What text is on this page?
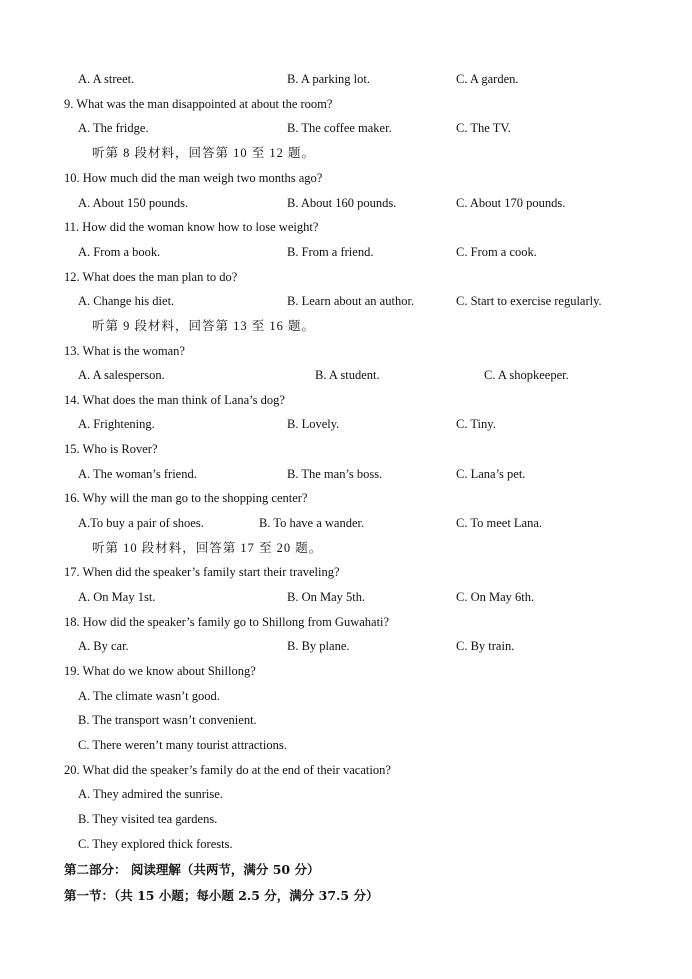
A. A street.	B. A parking lot.	C. A garden.
9. What was the man disappointed at about the room?
A. The fridge.	B. The coffee maker.	C. The TV.
听第 8 段材料，回答第 10 至 12 题。
10. How much did the man weigh two months ago?
A. About 150 pounds.	B. About 160 pounds.	C. About 170 pounds.
11. How did the woman know how to lose weight?
A. From a book.	B. From a friend.	C. From a cook.
12. What does the man plan to do?
A. Change his diet.	B. Learn about an author.	C. Start to exercise regularly.
听第 9 段材料，回答第 13 至 16 题。
13. What is the woman?
A. A salesperson.	B. A student.	C. A shopkeeper.
14. What does the man think of Lana’s dog?
A. Frightening.	B. Lovely.	C. Tiny.
15. Who is Rover?
A. The woman’s friend.	B. The man’s boss.	C. Lana’s pet.
16. Why will the man go to the shopping center?
A.To buy a pair of shoes.	B. To have a wander.	C. To meet Lana.
听第 10 段材料，回答第 17 至 20 题。
17. When did the speaker’s family start their traveling?
A. On May 1st.	B. On May 5th.	C. On May 6th.
18. How did the speaker’s family go to Shillong from Guwahati?
A. By car.	B. By plane.	C. By train.
19. What do we know about Shillong?
A. The climate wasn’t good.
B. The transport wasn’t convenient.
C. There weren’t many tourist attractions.
20. What did the speaker’s family do at the end of their vacation?
A. They admired the sunrise.
B. They visited tea gardens.
C. They explored thick forests.
第二部分： 阅读理解（共两节，满分 50 分）
第一节：（共 15 小题；每小题 2.5 分，满分 37.5 分）
